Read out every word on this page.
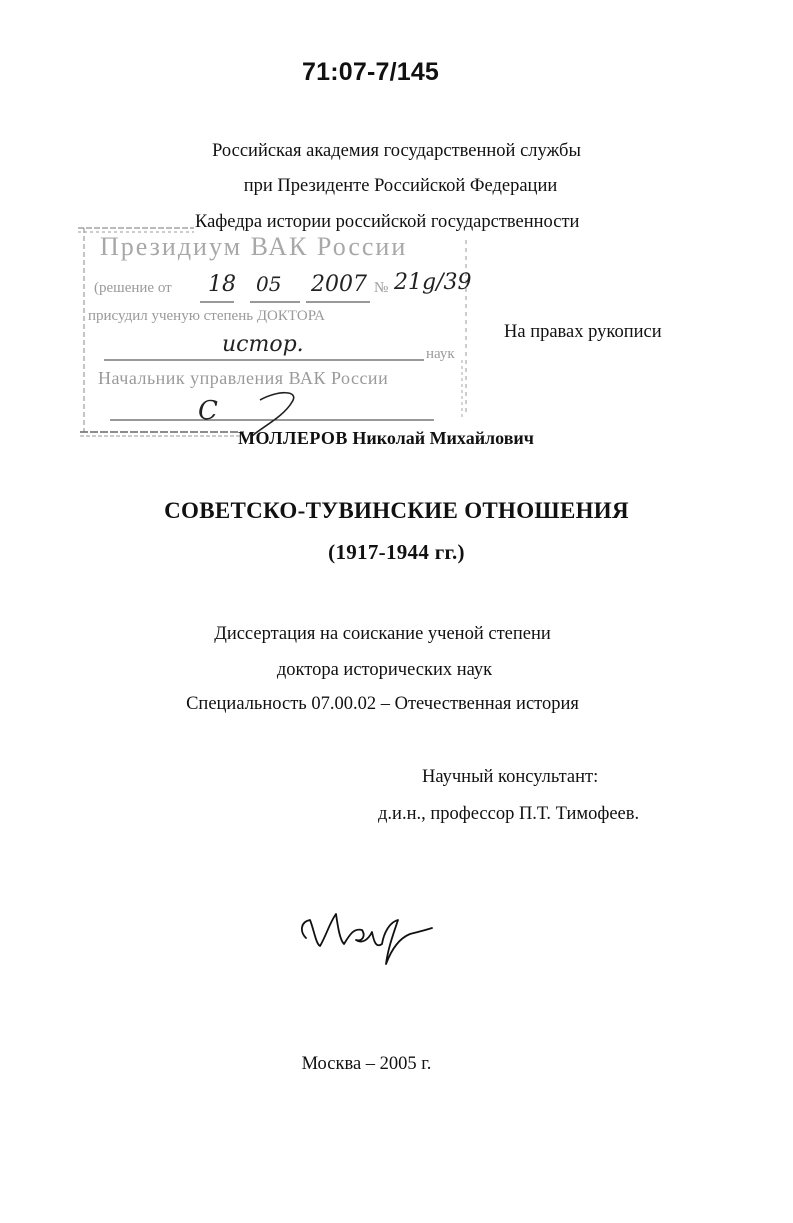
71:07-7/145
Российская академия государственной службы
при Президенте Российской Федерации
Кафедра истории российской государственности
Президиум ВАК России
(решение от 18 05 2007 № 21g/39
присудил ученую степень ДОКТОРА
истор.	наук
Начальник управления ВАК России
С
На правах рукописи
МОЛЛЕРОВ Николай Михайлович
СОВЕТСКО-ТУВИНСКИЕ ОТНОШЕНИЯ
(1917-1944 гг.)
Диссертация на соискание ученой степени
доктора исторических наук
Специальность 07.00.02 – Отечественная история
Научный консультант:
д.и.н., профессор П.Т. Тимофеев.
Москва – 2005 г.
